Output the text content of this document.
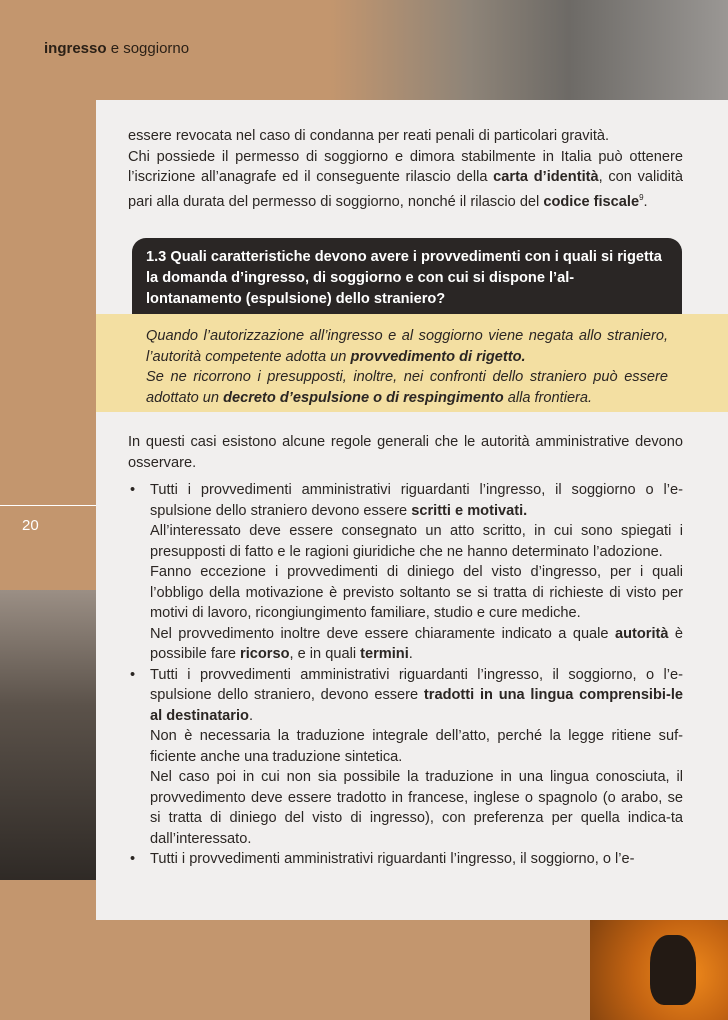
20
ingresso e soggiorno
essere revocata nel caso di condanna per reati penali di particolari gravità.
Chi possiede il permesso di soggiorno e dimora stabilmente in Italia può ottenere l’iscrizione all’anagrafe ed il conseguente rilascio della carta d’identità, con validità pari alla durata del permesso di soggiorno, nonché il rilascio del codice fiscale$^9$.
1.3 Quali caratteristiche devono avere i provvedimenti con i quali si rigetta la domanda d’ingresso, di soggiorno e con cui si dispone l’al-lontanamento (espulsione) dello straniero?
Quando l’autorizzazione all’ingresso e al soggiorno viene negata allo straniero, l’autorità competente adotta un provvedimento di rigetto.
Se ne ricorrono i presupposti, inoltre, nei confronti dello straniero può essere adottato un decreto d’espulsione o di respingimento alla frontiera.
In questi casi esistono alcune regole generali che le autorità amministrative devono osservare.
• Tutti i provvedimenti amministrativi riguardanti l’ingresso, il soggiorno o l’e-spulsione dello straniero devono essere scritti e motivati.
All’interessato deve essere consegnato un atto scritto, in cui sono spiegati i presupposti di fatto e le ragioni giuridiche che ne hanno determinato l’adozione.
Fanno eccezione i provvedimenti di diniego del visto d’ingresso, per i quali l’obbligo della motivazione è previsto soltanto se si tratta di richieste di visto per motivi di lavoro, ricongiungimento familiare, studio e cure mediche.
Nel provvedimento inoltre deve essere chiaramente indicato a quale autorità è possibile fare ricorso, e in quali termini.
• Tutti i provvedimenti amministrativi riguardanti l’ingresso, il soggiorno, o l’e-spulsione dello straniero, devono essere tradotti in una lingua comprensibi-le al destinatario.
Non è necessaria la traduzione integrale dell’atto, perché la legge ritiene suf-ficiente anche una traduzione sintetica.
Nel caso poi in cui non sia possibile la traduzione in una lingua conosciuta, il provvedimento deve essere tradotto in francese, inglese o spagnolo (o arabo, se si tratta di diniego del visto di ingresso), con preferenza per quella indica-ta dall’interessato.
• Tutti i provvedimenti amministrativi riguardanti l’ingresso, il soggiorno, o l’e-
